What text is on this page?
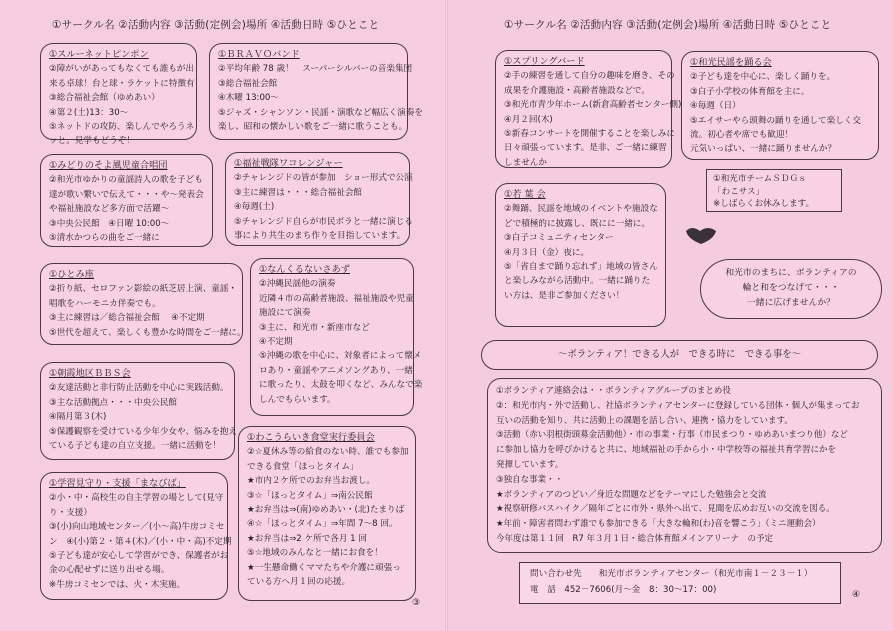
①サークル名 ②活動内容 ③活動(定例会)場所 ④活動日時 ⑤ひとこと	①サークル名 ②活動内容 ③活動(定例会)場所 ④活動日時 ⑤ひとこと
①スルーネットピンポン
②障がいがあってもなくても誰もが出
来る卓球！台と球・ラケットに特徴有
③総合福祉会館（ゆめあい）
④第２(土)13：30～
⑤ネットドの攻防、楽しんでやろうネ
ッと。見学もどうぞ！
①ＢＲＡＶＯバンド
②平均年齢 78 歳！　スーパーシルバーの音楽集団
③総合福祉会館
④木曜 13:00～
⑤ジャズ・シャンソン・民謡・演歌など幅広く演奏を
楽し、昭和の懐かしい歌をご一緒に歌うことも。
①みどりのそよ風児童合唱団
②和光市ゆかりの童謡詩人の歌を子ども
達が歌い繋いで伝えて・・・や～発表会
や福祉施設など多方面で活躍～
③中央公民館　④日曜 10:00～
⑤清水かつらの曲をご一緒に
①福祉戦隊ワコレンジャー
②チャレンジドの皆が参加　ショー形式で公演
③主に練習は・・・総合福祉会館
④毎週(土)
⑤チャレンジド自らが市民ボラと一緒に演じる
事により共生のまち作りを目指しています。
①ひとみ座
②折り紙、セロファン影絵の紙芝居上演、童謡・
唱歌をハーモニカ伴奏でも。
③主に練習は／総合福祉会館　 ④不定期
⑤世代を超えて、楽しくも豊かな時間をご一緒に。
①なんくるないさあず
②沖縄民謡他の演奏
近隣４市の高齢者施設、福祉施設や児童
施設にて演奏
③主に、和光市・新座市など
④不定期
⑤沖縄の歌を中心に、対象者によって懐メ
ロあり・童謡やアニメソングあり、一緒
に歌ったり、太鼓を叩くなど、みんなで楽
しんでもらいます。
①朝霞地区ＢＢＳ会
②友達活動と非行防止活動を中心に実践活動。
③主な活動拠点・・・中央公民館
④隔月第３(木)
⑤保護観察を受けている少年少女や、悩みを抱え
ている子ども達の自立支援。一緒に活動を！
①わこうらいき食堂実行委員会
②☆夏休み等の給食のない時、誰でも参加
できる食堂「ほっとタイム」
★市内２ケ所でのお弁当お渡し。
③☆「ほっとタイム」⇒南公民館
★お弁当は⇒(南)ゆめあい・(北)たまりば
④☆「ほっとタイム」⇒年間 7～8 回。
★お弁当は⇒2 ケ所で各月 1 回
⑤☆地域のみんなと一緒にお食を！
★一生懸命働くママたちや介護に頑張っ
ている方へ月１回の応援。
①学習見守り・支援「まなびば」
②小・中・高校生の自主学習の場として(見守
り・支援）
③(小)向山地域センター／(小～高)牛房コミセ
ン　④(小)第２・第４(木)／(小・中・高)不定期
⑤子ども達が安心して学習ができ、保護者がお
金の心配せずに送り出せる場。
※牛房コミセンでは、火・木実施。
③
①スプリングバード
②手の練習を通して自分の趣味を磨き、その
成果を介護施設・高齢者施設などで。
③和光市青少年ホーム(新倉高齢者センター側)
④月２回(木)
⑤新春コンサートを開催することを楽しみに
日々頑張っています。是非、ご一緒に練習
しませんか
①和光民謡を踊る会
②子ども達を中心に、楽しく踊りを。
③白子小学校の体育館を主に。
④毎週（日）
⑤エイサーやら頭舞の踊りを通して楽しく交
流。初心者や席でも歓迎！
元気いっぱい、一緒に踊りませんか？
①若 葉 会
②舞踊、民謡を地域のイベントや施設な
どで積極的に披露し、既にに一緒に。
③白子コミュニティセンター
④月３日（金）夜に。
⑤「省自まで踊り忘れず」地域の皆さん
と楽しみながら活動中。一緒に踊りた
い方は、是非ご参加ください！
①和光市チームＳＤＧｓ
「わこサス」
※しばらくお休みします。
和光市のまちに、ボランティアの
輪と和をつなげて・・・
一緒に広げませんか？
～ボランティア！できる人が　できる時に　できる事を～
①ボランティア連絡会は・・ボランティアグループのまとめ役
②：和光市内・外で活動し、社協ボランティアセンターに登録している団体・個人が集まってお
互いの活動を知り、共に活動上の課題を話し合い、連携・協力をしています。
③活動（赤い羽根街頭募金活動他）・市の事業・行事（市民まつり・ゆめあいまつり他）など
に参加し協力を呼びかけると共に、地域福祉の手から小・中学校等の福祉共育学習にかを
発揮しています。
③独自な事業・・
★ボランティアのつどい／身近な問題などをテーマにした勉強会と交流
★視察研修バスハイク／隔年ごとに市外・県外へ出て、見聞を広めお互いの交流を図る。
★年前・障害者問わず誰でも参加できる「大きな輪和(わ)音を響こう」（ミニ運動会）
今年度は第１１回　R7 年３月１日・総合体育館メインアリーナ　の予定
問い合わせ先　　和光市ボランティアセンター（和光市南１－２３－１）
電　話　452－7606(月～金　8：30～17：00)	④
